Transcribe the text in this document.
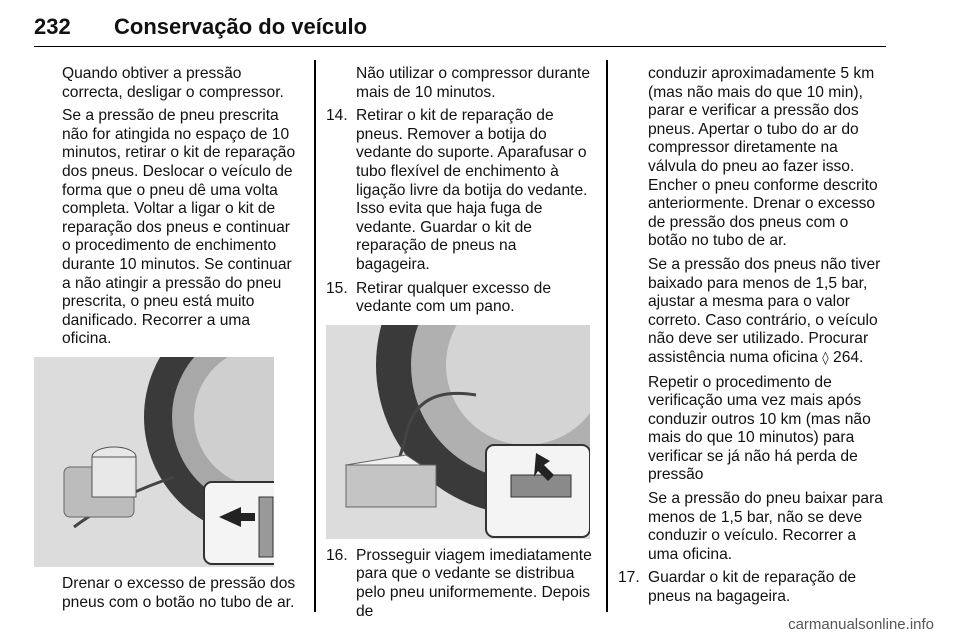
232 Conservação do veículo

Quando obtiver a pressão correcta, desligar o compressor.

Se a pressão de pneu prescrita não for atingida no espaço de 10 minutos, retirar o kit de reparação dos pneus. Deslocar o veículo de forma que o pneu dê uma volta completa. Voltar a ligar o kit de reparação dos pneus e continuar o procedimento de enchimento durante 10 minutos. Se continuar a não atingir a pressão do pneu prescrita, o pneu está muito danificado. Recorrer a uma oficina.

Drenar o excesso de pressão dos pneus com o botão no tubo de ar.

Não utilizar o compressor durante mais de 10 minutos.

14. Retirar o kit de reparação de pneus. Remover a botija do vedante do suporte. Aparafusar o tubo flexível de enchimento à ligação livre da botija do vedante. Isso evita que haja fuga de vedante. Guardar o kit de reparação de pneus na bagageira.
15. Retirar qualquer excesso de vedante com um pano.
16. Prosseguir viagem imediatamente para que o vedante se distribua pelo pneu uniformemente. Depois de

conduzir aproximadamente 5 km (mas não mais do que 10 min), parar e verificar a pressão dos pneus. Apertar o tubo do ar do compressor diretamente na válvula do pneu ao fazer isso. Encher o pneu conforme descrito anteriormente. Drenar o excesso de pressão dos pneus com o botão no tubo de ar.

Se a pressão dos pneus não tiver baixado para menos de 1,5 bar, ajustar a mesma para o valor correto. Caso contrário, o veículo não deve ser utilizado. Procurar assistência numa oficina ◊ 264.

Repetir o procedimento de verificação uma vez mais após conduzir outros 10 km (mas não mais do que 10 minutos) para verificar se já não há perda de pressão

Se a pressão do pneu baixar para menos de 1,5 bar, não se deve conduzir o veículo. Recorrer a uma oficina.

17. Guardar o kit de reparação de pneus na bagageira.
carmanualsonline.info
